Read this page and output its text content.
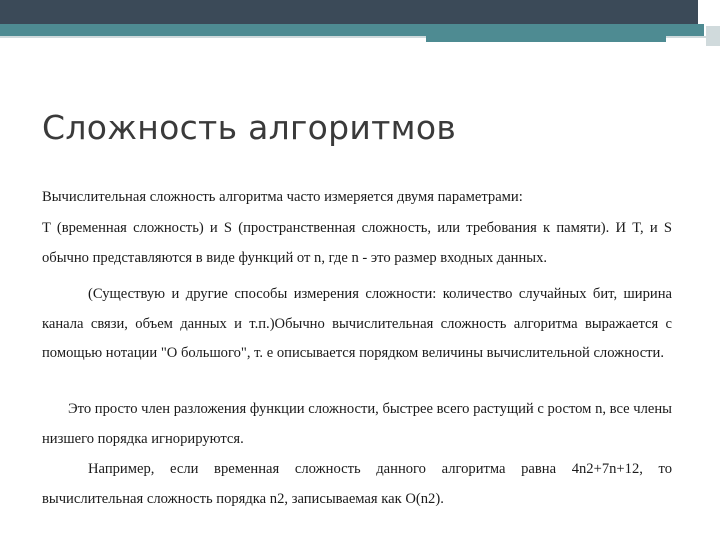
Сложность алгоритмов
Вычислительная сложность алгоритма часто измеряется двумя параметрами:
T (временная сложность) и S (пространственная сложность, или требования к памяти). И T, и S обычно представляются в виде функций от n, где n - это размер входных данных.
(Существую и другие способы измерения сложности: количество случайных бит, ширина канала связи, объем данных и т.п.)Обычно вычислительная сложность алгоритма выражается с помощью нотации "О большого", т. е описывается порядком величины вычислительной сложности.
Это просто член разложения функции сложности, быстрее всего растущий с ростом n, все члены низшего порядка игнорируются.
Например, если временная сложность данного алгоритма равна 4n2+7n+12, то вычислительная сложность порядка n2, записываемая как O(n2).
